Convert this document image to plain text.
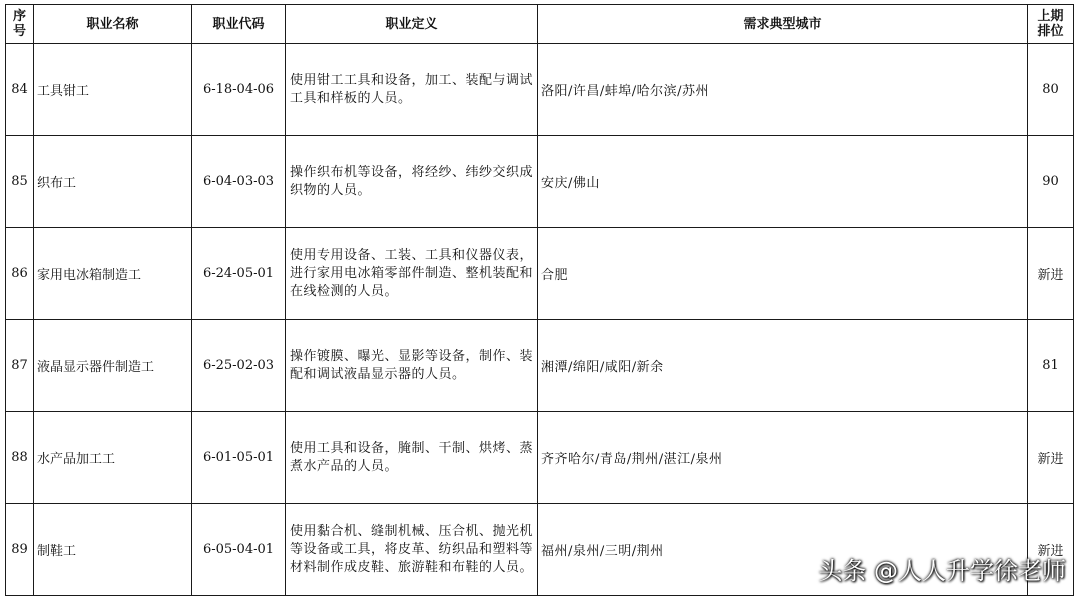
序号	职业名称	职业代码	职业定义	需求典型城市	上期排位
84	工具钳工	6-18-04-06	使用钳工工具和设备，加工、装配与调试工具和样板的人员。	洛阳/许昌/蚌埠/哈尔滨/苏州	80
85	织布工	6-04-03-03	操作织布机等设备，将经纱、纬纱交织成织物的人员。	安庆/佛山	90
86	家用电冰箱制造工	6-24-05-01	使用专用设备、工装、工具和仪器仪表，进行家用电冰箱零部件制造、整机装配和在线检测的人员。	合肥	新进
87	液晶显示器件制造工	6-25-02-03	操作镀膜、曝光、显影等设备，制作、装配和调试液晶显示器的人员。	湘潭/绵阳/咸阳/新余	81
88	水产品加工工	6-01-05-01	使用工具和设备，腌制、干制、烘烤、蒸煮水产品的人员。	齐齐哈尔/青岛/荆州/湛江/泉州	新进
89	制鞋工	6-05-04-01	使用黏合机、缝制机械、压合机、抛光机等设备或工具，将皮革、纺织品和塑料等材料制作成皮鞋、旅游鞋和布鞋的人员。	福州/泉州/三明/荆州	新进
头条 @人人升学徐老师
